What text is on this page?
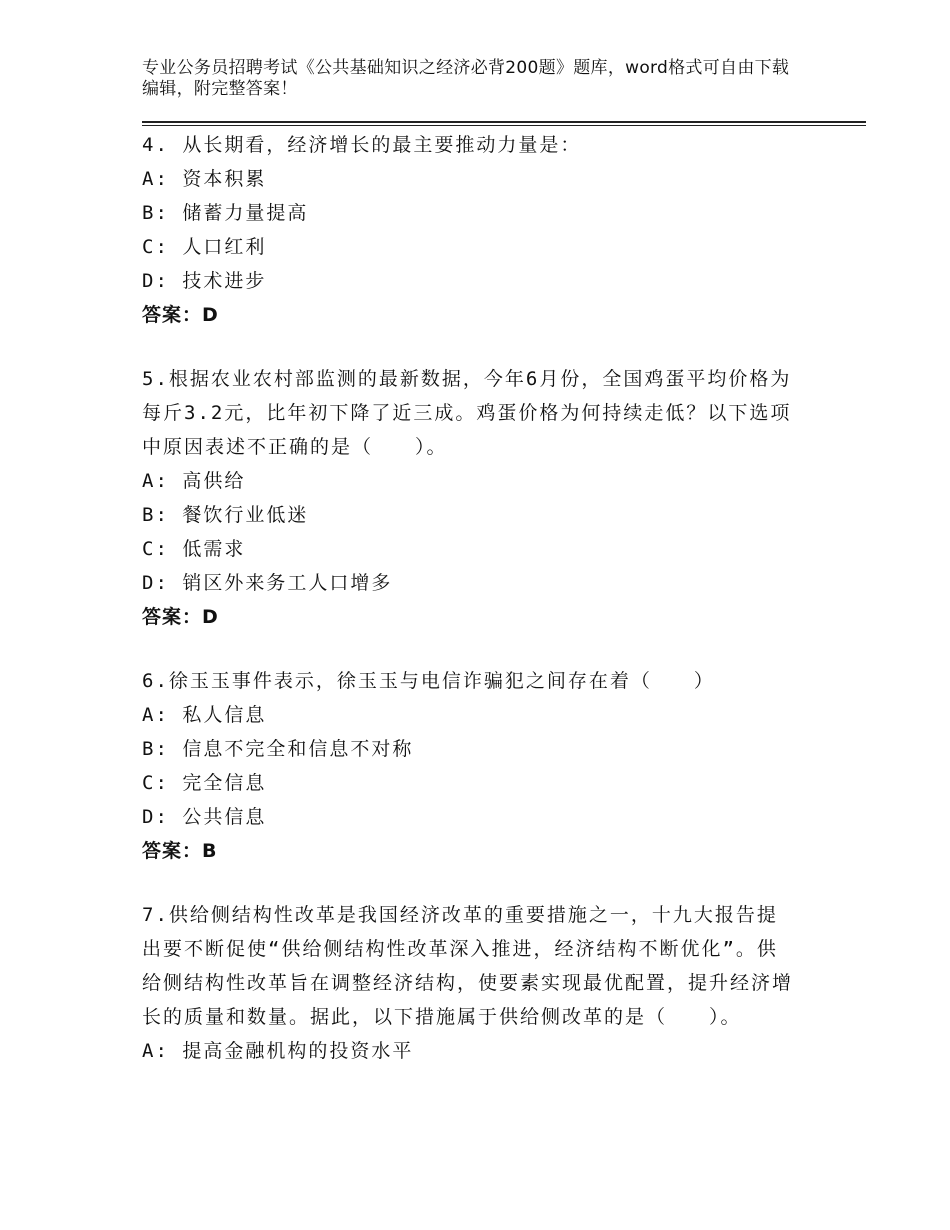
专业公务员招聘考试《公共基础知识之经济必背200题》题库，word格式可自由下载编辑，附完整答案！
4. 从长期看，经济增长的最主要推动力量是：
A: 资本积累
B: 储蓄力量提高
C: 人口红利
D: 技术进步
答案：D
5.根据农业农村部监测的最新数据，今年6月份，全国鸡蛋平均价格为每斤3.2元，比年初下降了近三成。鸡蛋价格为何持续走低？以下选项中原因表述不正确的是（　　）。
A: 高供给
B: 餐饮行业低迷
C: 低需求
D: 销区外来务工人口增多
答案：D
6.徐玉玉事件表示，徐玉玉与电信诈骗犯之间存在着（　　）
A: 私人信息
B: 信息不完全和信息不对称
C: 完全信息
D: 公共信息
答案：B
7.供给侧结构性改革是我国经济改革的重要措施之一，十九大报告提出要不断促使“供给侧结构性改革深入推进，经济结构不断优化”。供给侧结构性改革旨在调整经济结构，使要素实现最优配置，提升经济增长的质量和数量。据此，以下措施属于供给侧改革的是（　　）。
A: 提高金融机构的投资水平
